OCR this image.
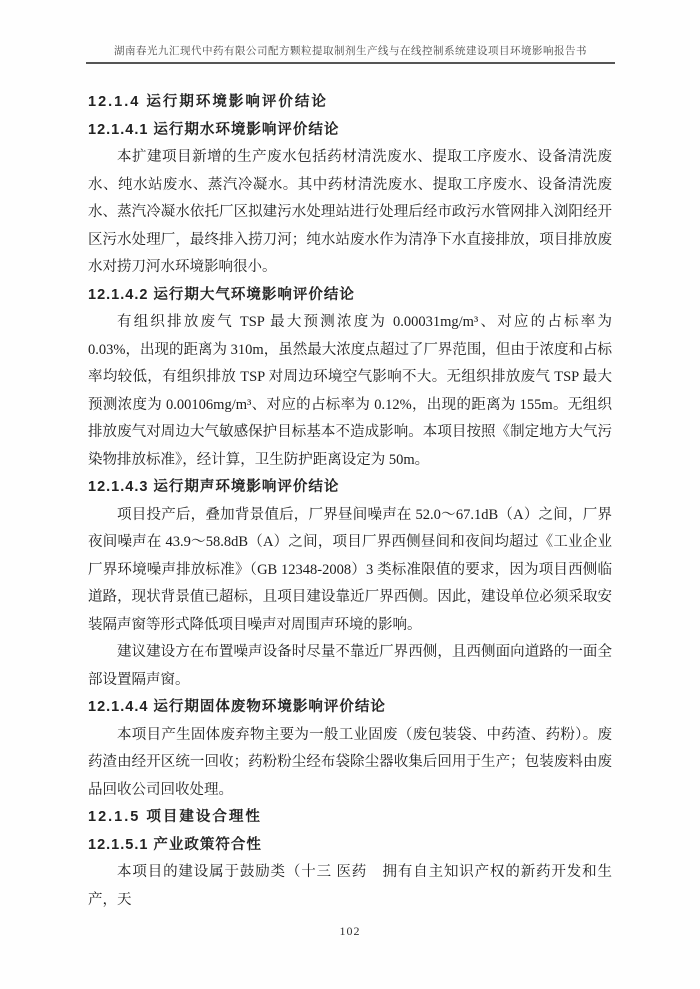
湖南春光九汇现代中药有限公司配方颗粒提取制剂生产线与在线控制系统建设项目环境影响报告书
12.1.4 运行期环境影响评价结论
12.1.4.1 运行期水环境影响评价结论

本扩建项目新增的生产废水包括药材清洗废水、提取工序废水、设备清洗废水、纯水站废水、蒸汽冷凝水。其中药材清洗废水、提取工序废水、设备清洗废水、蒸汽冷凝水依托厂区拟建污水处理站进行处理后经市政污水管网排入浏阳经开区污水处理厂，最终排入捞刀河；纯水站废水作为清净下水直接排放，项目排放废水对捞刀河水环境影响很小。

12.1.4.2 运行期大气环境影响评价结论

有组织排放废气 TSP 最大预测浓度为 0.00031mg/m³、对应的占标率为 0.03%，出现的距离为 310m，虽然最大浓度点超过了厂界范围，但由于浓度和占标率均较低，有组织排放 TSP 对周边环境空气影响不大。无组织排放废气 TSP 最大预测浓度为 0.00106mg/m³、对应的占标率为 0.12%，出现的距离为 155m。无组织排放废气对周边大气敏感保护目标基本不造成影响。本项目按照《制定地方大气污染物排放标准》，经计算，卫生防护距离设定为 50m。

12.1.4.3 运行期声环境影响评价结论

项目投产后，叠加背景值后，厂界昼间噪声在 52.0～67.1dB（A）之间，厂界夜间噪声在 43.9～58.8dB（A）之间，项目厂界西侧昼间和夜间均超过《工业企业厂界环境噪声排放标准》（GB 12348-2008）3 类标准限值的要求，因为项目西侧临道路，现状背景值已超标，且项目建设靠近厂界西侧。因此，建设单位必须采取安装隔声窗等形式降低项目噪声对周围声环境的影响。

建议建设方在布置噪声设备时尽量不靠近厂界西侧，且西侧面向道路的一面全部设置隔声窗。

12.1.4.4 运行期固体废物环境影响评价结论

本项目产生固体废弃物主要为一般工业固废（废包装袋、中药渣、药粉）。废药渣由经开区统一回收；药粉粉尘经布袋除尘器收集后回用于生产；包装废料由废品回收公司回收处理。

12.1.5 项目建设合理性
12.1.5.1 产业政策符合性

本项目的建设属于鼓励类（十三 医药　拥有自主知识产权的新药开发和生产，天

102
